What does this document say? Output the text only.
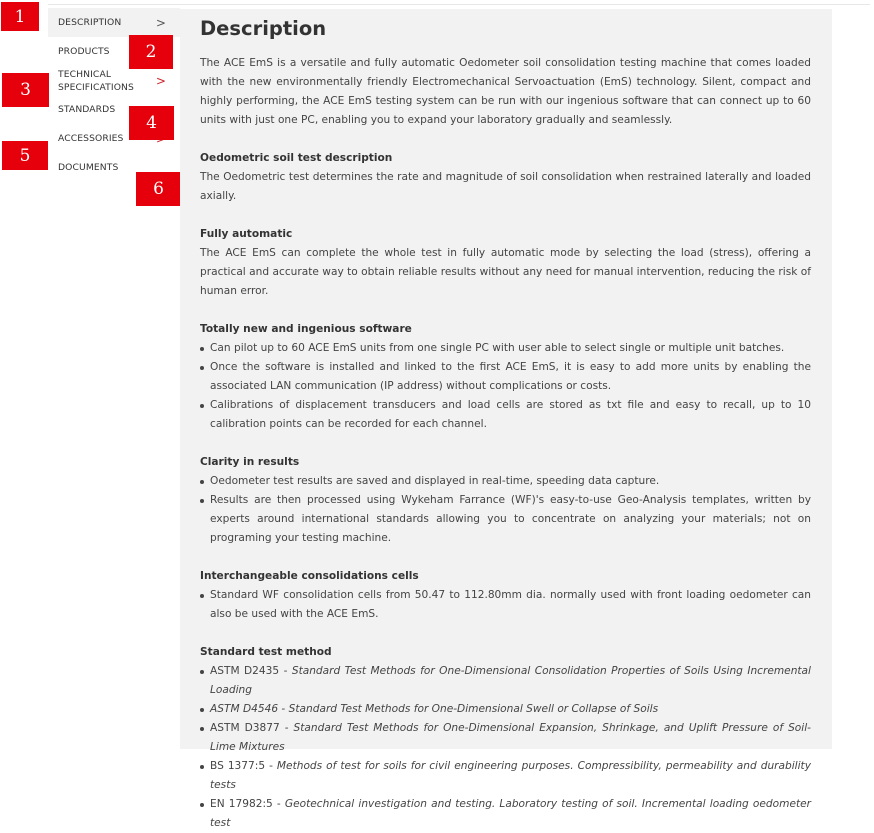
DESCRIPTION	>
PRODUCTS
TECHNICAL SPECIFICATIONS	>
STANDARDS
ACCESSORIES
DOCUMENTS
1
2
3
4
5
6
Description

The ACE EmS is a versatile and fully automatic Oedometer soil consolidation testing machine that comes loaded with the new environmentally friendly Electromechanical Servoactuation (EmS) technology. Silent, compact and highly performing, the ACE EmS testing system can be run with our ingenious software that can connect up to 60 units with just one PC, enabling you to expand your laboratory gradually and seamlessly.

Oedometric soil test description

The Oedometric test determines the rate and magnitude of soil consolidation when restrained laterally and loaded axially.

Fully automatic

The ACE EmS can complete the whole test in fully automatic mode by selecting the load (stress), offering a practical and accurate way to obtain reliable results without any need for manual intervention, reducing the risk of human error.

Totally new and ingenious software

Can pilot up to 60 ACE EmS units from one single PC with user able to select single or multiple unit batches.
Once the software is installed and linked to the first ACE EmS, it is easy to add more units by enabling the associated LAN communication (IP address) without complications or costs.
Calibrations of displacement transducers and load cells are stored as txt file and easy to recall, up to 10 calibration points can be recorded for each channel.

Clarity in results

Oedometer test results are saved and displayed in real-time, speeding data capture.
Results are then processed using Wykeham Farrance (WF)'s easy-to-use Geo-Analysis templates, written by experts around international standards allowing you to concentrate on analyzing your materials; not on programing your testing machine.

Interchangeable consolidations cells

Standard WF consolidation cells from 50.47 to 112.80mm dia. normally used with front loading oedometer can also be used with the ACE EmS.

Standard test method

ASTM D2435 - Standard Test Methods for One-Dimensional Consolidation Properties of Soils Using Incremental Loading
ASTM D4546 - Standard Test Methods for One-Dimensional Swell or Collapse of Soils
ASTM D3877 - Standard Test Methods for One-Dimensional Expansion, Shrinkage, and Uplift Pressure of Soil-Lime Mixtures
BS 1377:5 - Methods of test for soils for civil engineering purposes. Compressibility, permeability and durability tests
EN 17982:5 - Geotechnical investigation and testing. Laboratory testing of soil. Incremental loading oedometer test
